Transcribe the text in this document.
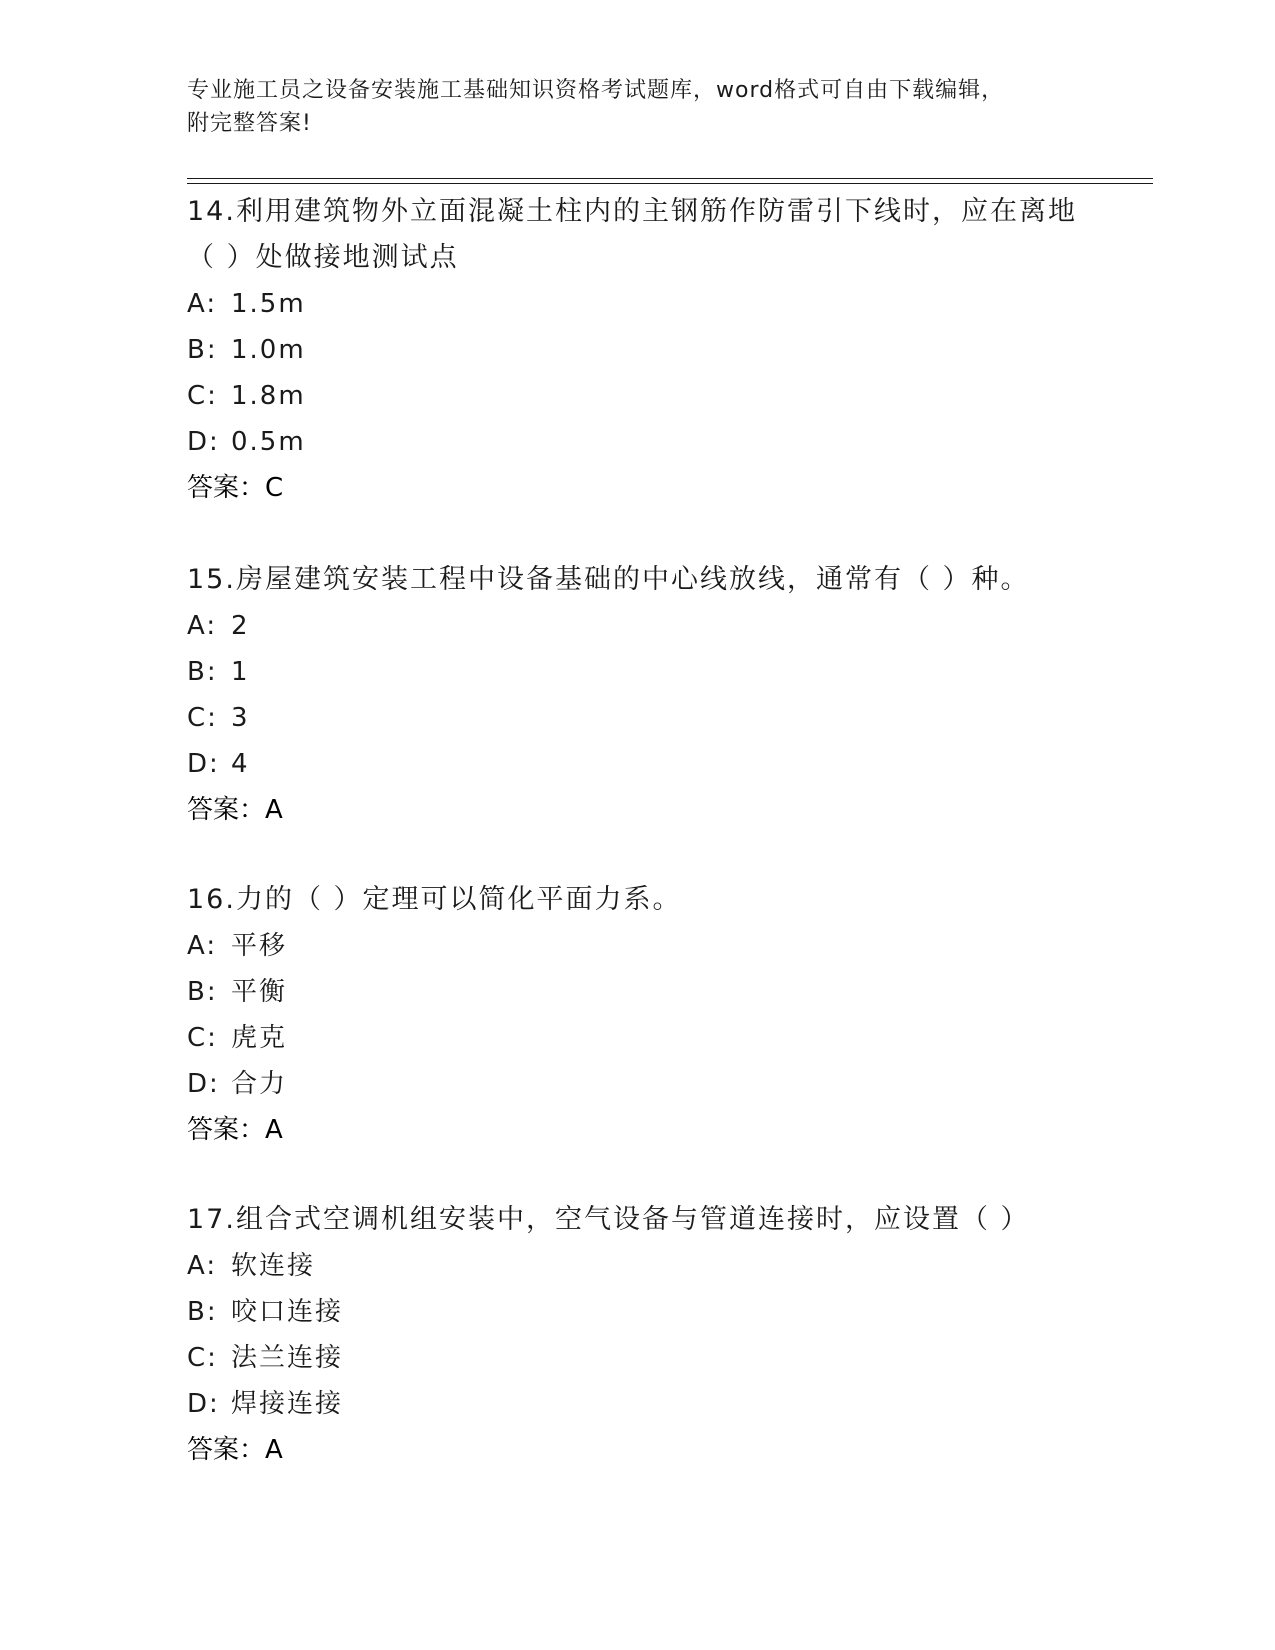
专业施工员之设备安装施工基础知识资格考试题库，word格式可自由下载编辑，
附完整答案!

14.利用建筑物外立面混凝土柱内的主钢筋作防雷引下线时，应在离地

（ ）处做接地测试点

A: 1.5m
B: 1.0m
C: 1.8m
D: 0.5m

答案：C

15.房屋建筑安装工程中设备基础的中心线放线，通常有（ ）种。

A: 2
B: 1
C: 3
D: 4

答案：A

16.力的（ ）定理可以简化平面力系。

A: 平移
B: 平衡
C: 虎克
D: 合力

答案：A

17.组合式空调机组安装中，空气设备与管道连接时，应设置（ ）

A: 软连接
B: 咬口连接
C: 法兰连接
D: 焊接连接

答案：A
